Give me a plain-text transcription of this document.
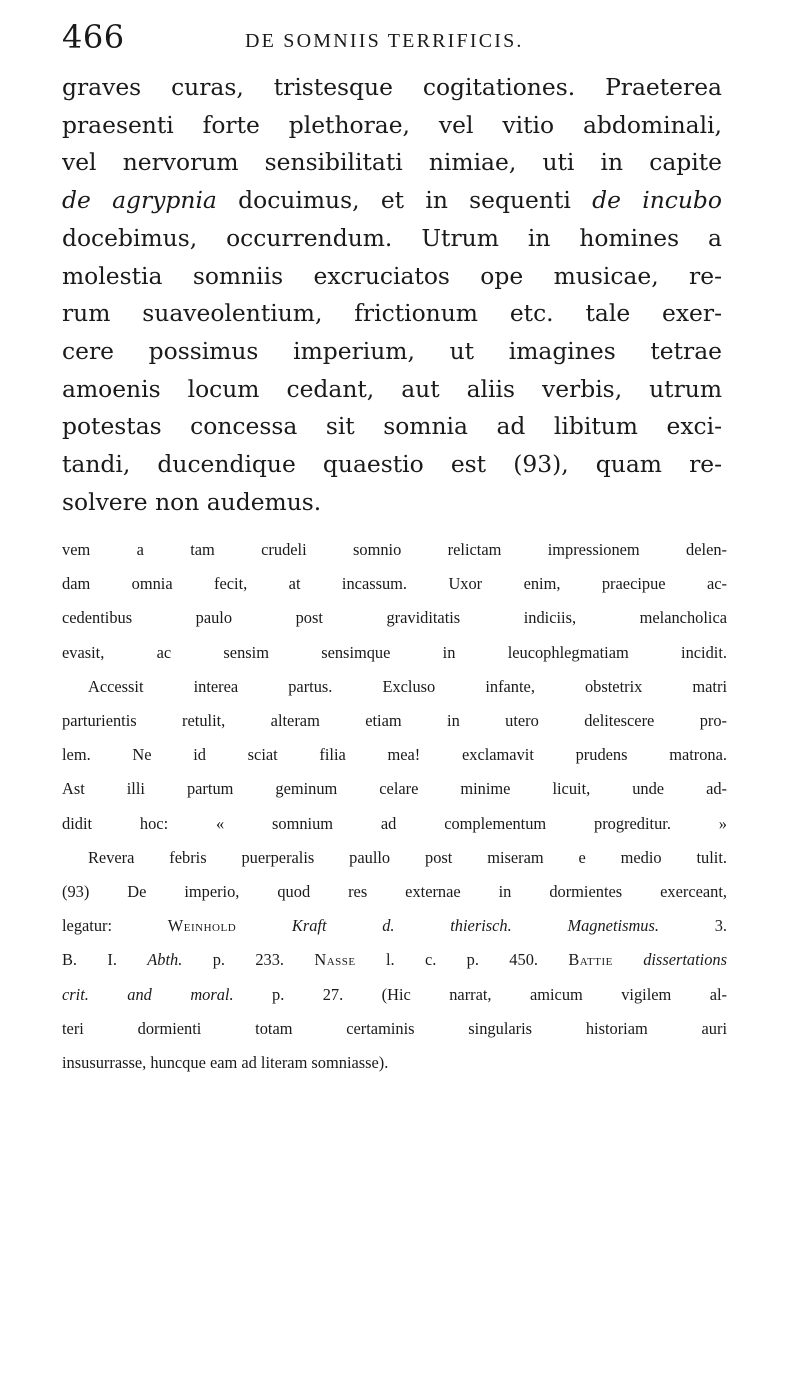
466	DE SOMNIIS TERRIFICIS.
graves curas, tristesque cogitationes. Praeterea
praesenti forte plethorae, vel vitio abdominali,
vel nervorum sensibilitati nimiae, uti in capite
de agrypnia docuimus, et in sequenti de incubo
docebimus, occurrendum. Utrum in homines a
molestia somniis excruciatos ope musicae, re-
rum suaveolentium, frictionum etc. tale exer-
cere possimus imperium, ut imagines tetrae
amoenis locum cedant, aut aliis verbis, utrum
potestas concessa sit somnia ad libitum exci-
tandi, ducendique quaestio est (93), quam re-
solvere non audemus.
vem a tam crudeli somnio relictam impressionem delen-
dam omnia fecit, at incassum. Uxor enim, praecipue ac-
cedentibus paulo post graviditatis indiciis, melancholica
evasit, ac sensim sensimque in leucophlegmatiam incidit.
Accessit interea partus. Excluso infante, obstetrix matri
parturientis retulit, alteram etiam in utero delitescere pro-
lem. Ne id sciat filia mea! exclamavit prudens matrona.
Ast illi partum geminum celare minime licuit, unde ad-
didit hoc: « somnium ad complementum progreditur. »
Revera febris puerperalis paullo post miseram e medio tulit.
(93) De imperio, quod res externae in dormientes exerceant,
legatur: Weinhold	Kraft d. thierisch. Magnetismus. 3.
B. I. Abth. p. 233. Nasse l. c. p. 450. Battie dissertations
crit. and moral. p. 27. (Hic narrat, amicum vigilem al-
teri dormienti totam certaminis singularis historiam auri
insusurrasse, huncque eam ad literam somniasse).
